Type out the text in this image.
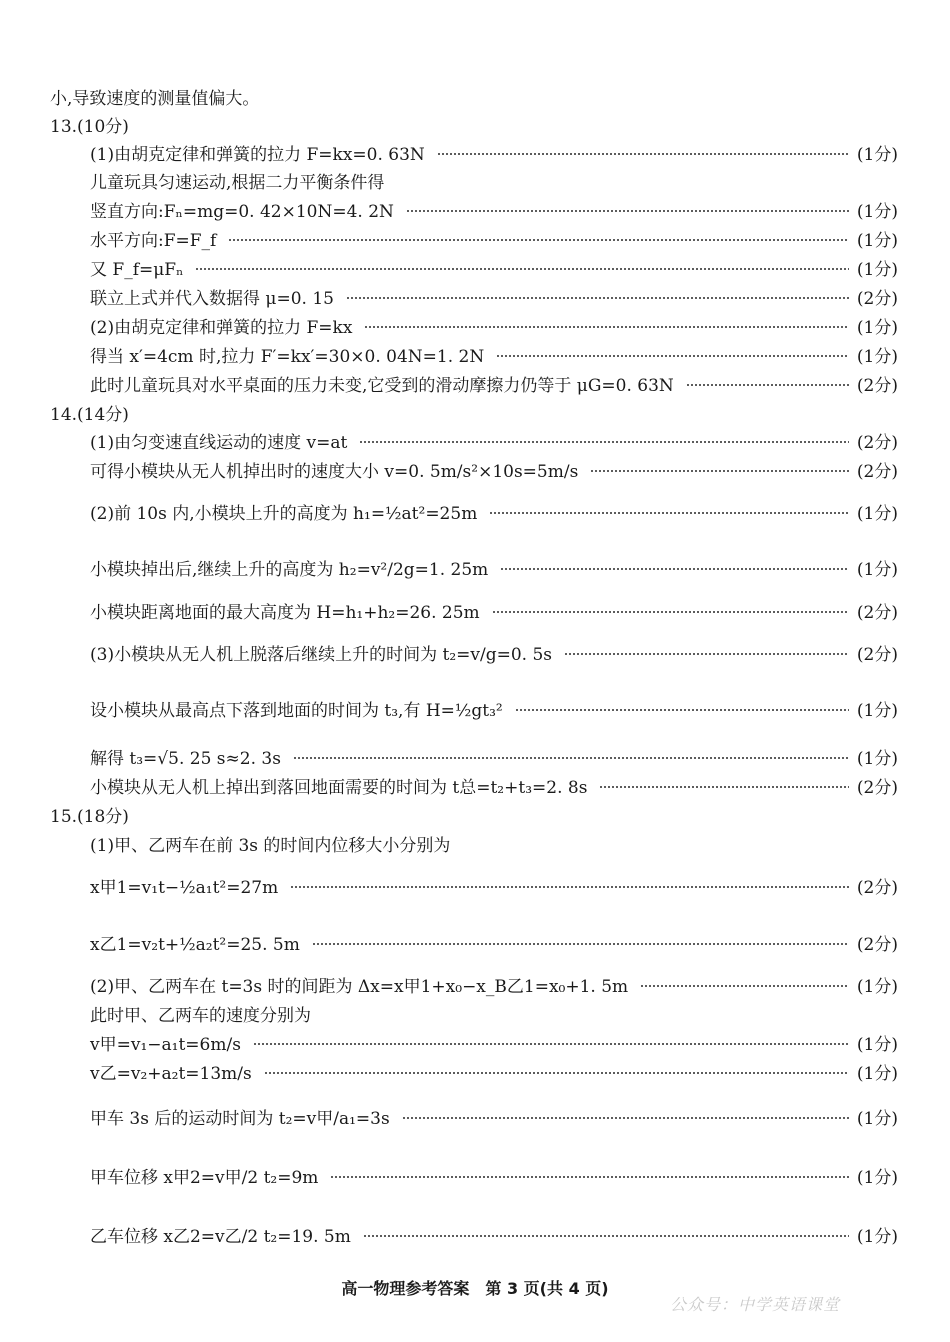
小,导致速度的测量值偏大。
13.(10分)
(1)由胡克定律和弹簧的拉力 F=kx=0. 63N	(1分)
儿童玩具匀速运动,根据二力平衡条件得
竖直方向:Fₙ=mg=0. 42×10N=4. 2N	(1分)
水平方向:F=F_f	(1分)
又 F_f=μFₙ	(1分)
联立上式并代入数据得 μ=0. 15	(2分)
(2)由胡克定律和弹簧的拉力 F=kx	(1分)
得当 x′=4cm 时,拉力 F′=kx′=30×0. 04N=1. 2N	(1分)
此时儿童玩具对水平桌面的压力未变,它受到的滑动摩擦力仍等于 μG=0. 63N	(2分)
14.(14分)
(1)由匀变速直线运动的速度 v=at	(2分)
可得小模块从无人机掉出时的速度大小 v=0. 5m/s²×10s=5m/s	(2分)
(2)前 10s 内,小模块上升的高度为 h₁=½at²=25m	(1分)
小模块掉出后,继续上升的高度为 h₂=v²/2g=1. 25m	(1分)
小模块距离地面的最大高度为 H=h₁+h₂=26. 25m	(2分)
(3)小模块从无人机上脱落后继续上升的时间为 t₂=v/g=0. 5s	(2分)
设小模块从最高点下落到地面的时间为 t₃,有 H=½gt₃²	(1分)
解得 t₃=√5. 25 s≈2. 3s	(1分)
小模块从无人机上掉出到落回地面需要的时间为 t总=t₂+t₃=2. 8s	(2分)
15.(18分)
(1)甲、乙两车在前 3s 的时间内位移大小分别为
x甲1=v₁t−½a₁t²=27m	(2分)
x乙1=v₂t+½a₂t²=25. 5m	(2分)
(2)甲、乙两车在 t=3s 时的间距为 Δx=x甲1+x₀−x_B乙1=x₀+1. 5m	(1分)
此时甲、乙两车的速度分别为
v甲=v₁−a₁t=6m/s	(1分)
v乙=v₂+a₂t=13m/s	(1分)
甲车 3s 后的运动时间为 t₂=v甲/a₁=3s	(1分)
甲车位移 x甲2=v甲/2 t₂=9m	(1分)
乙车位移 x乙2=v乙/2 t₂=19. 5m	(1分)
高一物理参考答案　第 3 页(共 4 页)
公众号：中学英语课堂
